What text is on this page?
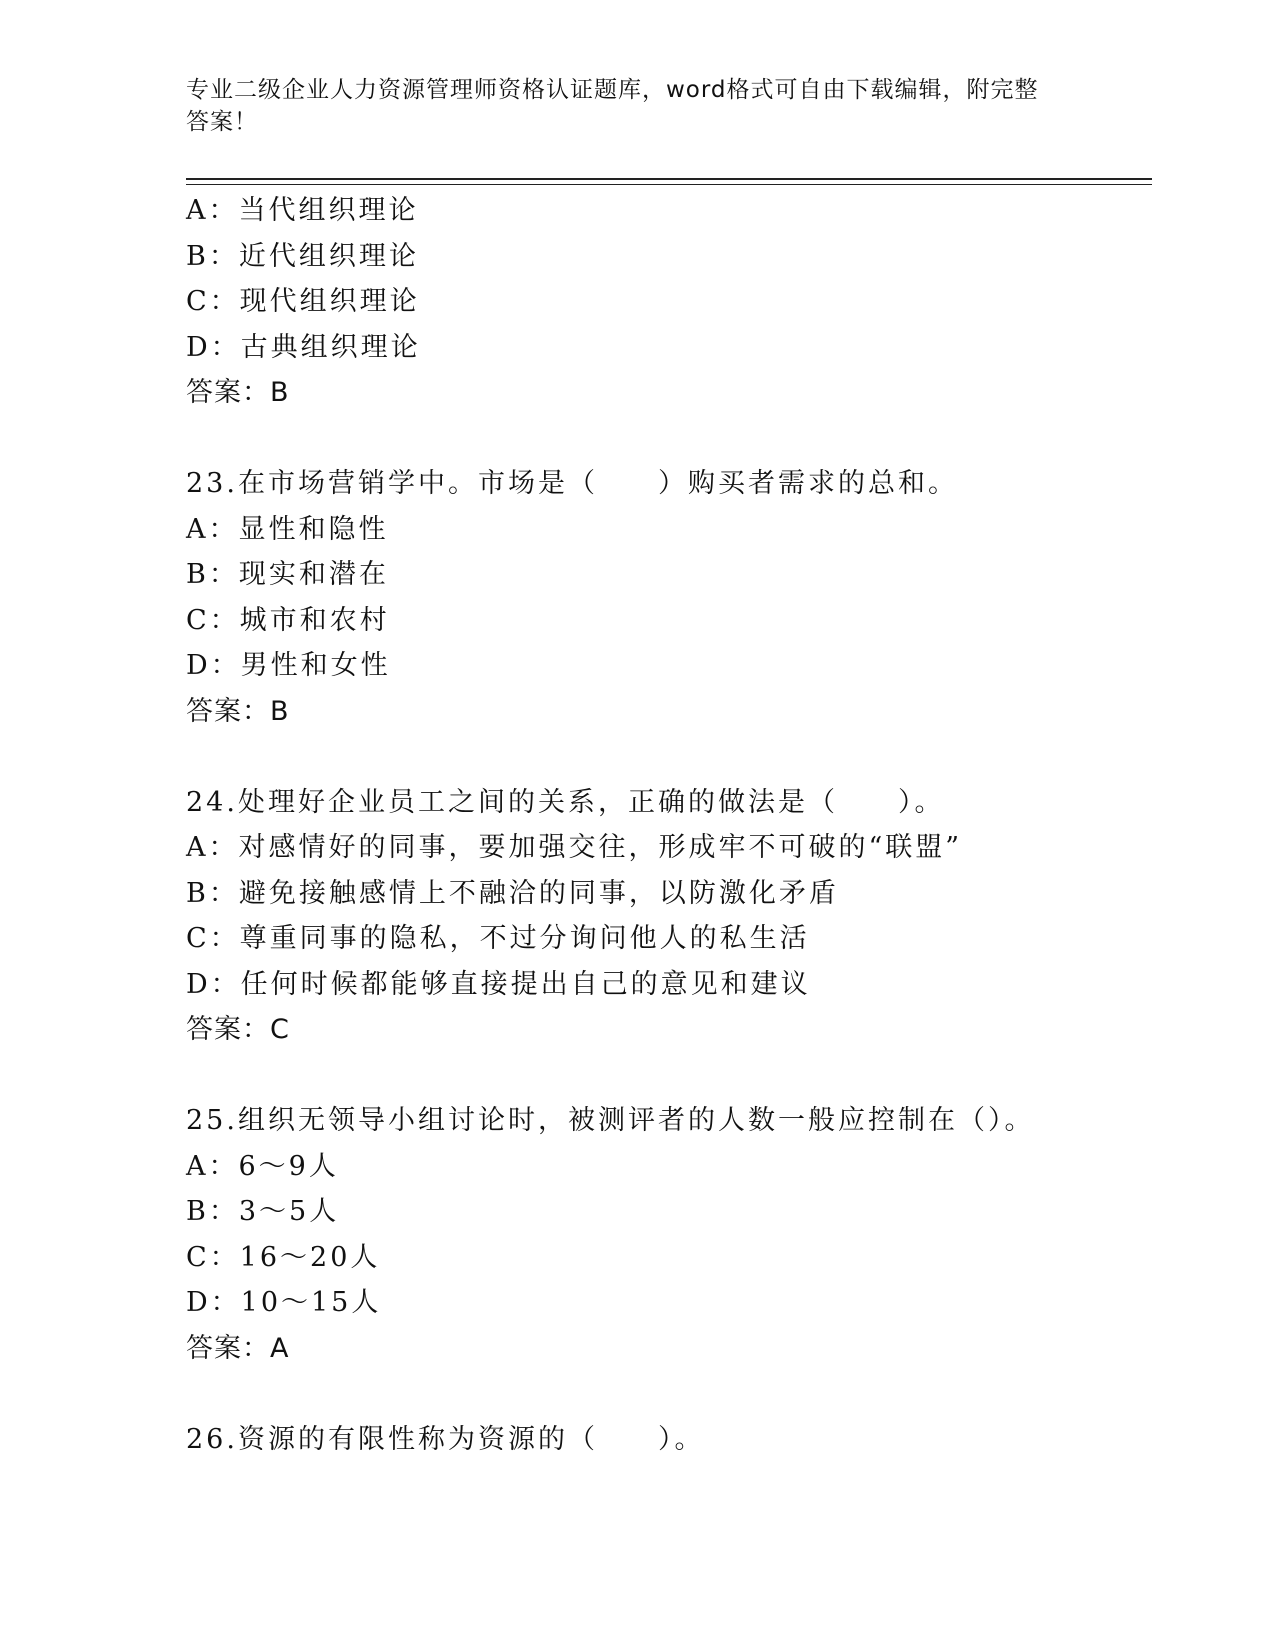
专业二级企业人力资源管理师资格认证题库，word格式可自由下载编辑，附完整
答案！
A：当代组织理论
B：近代组织理论
C：现代组织理论
D：古典组织理论
答案：B
23.在市场营销学中。市场是（　　）购买者需求的总和。
A：显性和隐性
B：现实和潜在
C：城市和农村
D：男性和女性
答案：B
24.处理好企业员工之间的关系，正确的做法是（　　）。
A：对感情好的同事，要加强交往，形成牢不可破的“联盟”
B：避免接触感情上不融洽的同事，以防激化矛盾
C：尊重同事的隐私，不过分询问他人的私生活
D：任何时候都能够直接提出自己的意见和建议
答案：C
25.组织无领导小组讨论时，被测评者的人数一般应控制在（）。
A：6～9人
B：3～5人
C：16～20人
D：10～15人
答案：A
26.资源的有限性称为资源的（　　）。
